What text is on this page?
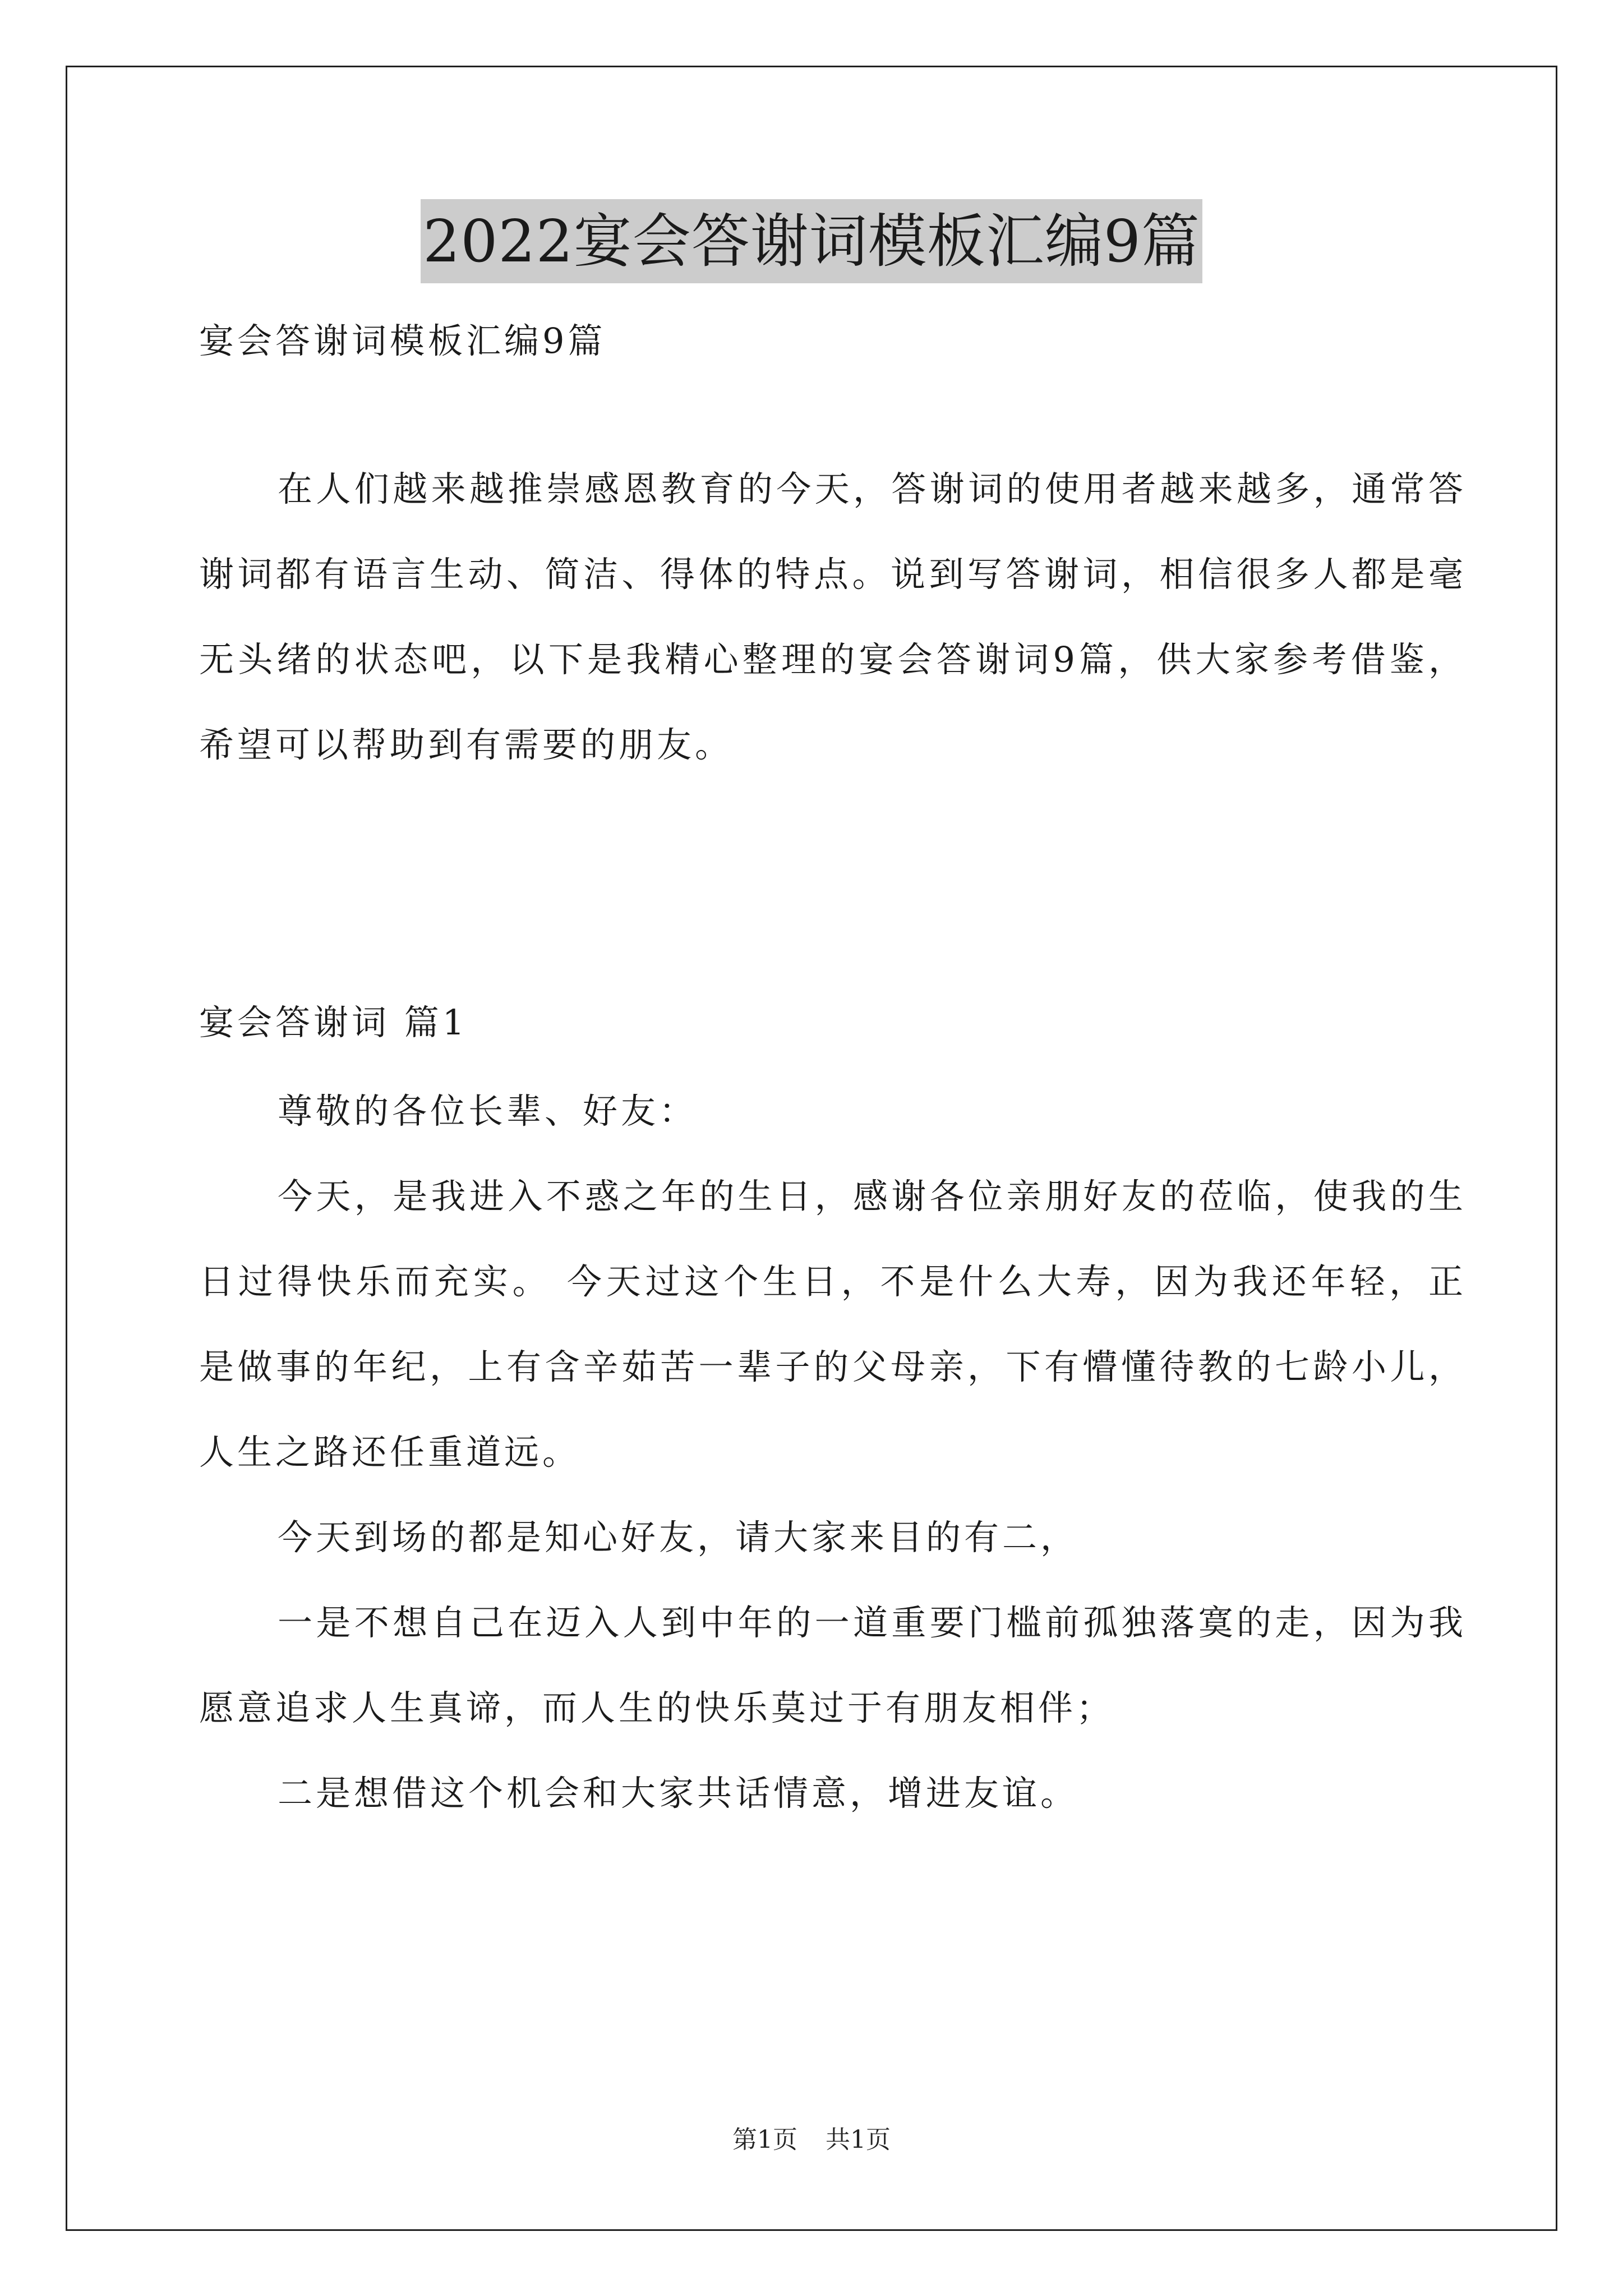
2022宴会答谢词模板汇编9篇

宴会答谢词模板汇编9篇

在人们越来越推崇感恩教育的今天，答谢词的使用者越来越多，通常答谢词都有语言生动、简洁、得体的特点。说到写答谢词，相信很多人都是毫无头绪的状态吧，以下是我精心整理的宴会答谢词9篇，供大家参考借鉴，希望可以帮助到有需要的朋友。

宴会答谢词 篇1

尊敬的各位长辈、好友：

今天，是我进入不惑之年的生日，感谢各位亲朋好友的莅临，使我的生日过得快乐而充实。 今天过这个生日，不是什么大寿，因为我还年轻，正是做事的年纪，上有含辛茹苦一辈子的父母亲，下有懵懂待教的七龄小儿，人生之路还任重道远。

今天到场的都是知心好友，请大家来目的有二，

一是不想自己在迈入人到中年的一道重要门槛前孤独落寞的走，因为我愿意追求人生真谛，而人生的快乐莫过于有朋友相伴；

二是想借这个机会和大家共话情意，增进友谊。

第1页 共1页
